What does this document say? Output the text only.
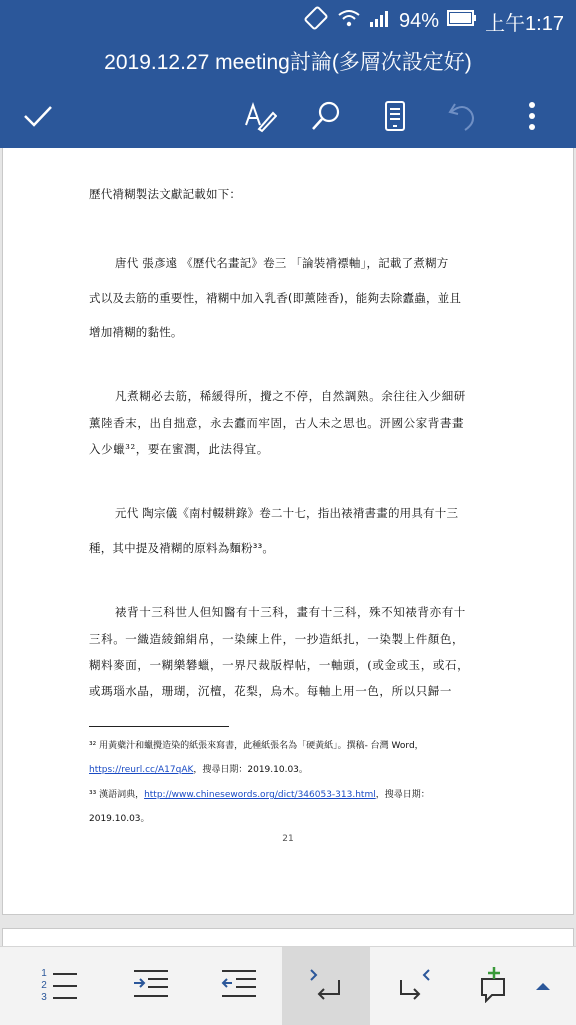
94% 上午1:17
2019.12.27 meeting討論(多層次設定好)
歷代褙糊製法文獻記載如下：
唐代 張彥遠 《歷代名畫記》卷三 「論裝褙褾軸」，記載了煮糊方
式以及去筋的重要性，褙糊中加入乳香(即薰陸香)，能夠去除蠹蟲，並且
增加褙糊的黏性。
凡煮糊必去筋，稀緩得所，攪之不停，自然調熟。余往往入少細研
薰陸香末，出自拙意，永去蠹而牢固，古人未之思也。汧國公家背書畫
入少蠟³²，要在蜜潤，此法得宜。
元代 陶宗儀《南村輟耕錄》卷二十七，指出裱褙書畫的用具有十三
種，其中提及褙糊的原料為麵粉³³。
裱背十三科世人但知醫有十三科，畫有十三科，殊不知裱背亦有十
三科。一織造綾錦絹帛，一染練上件，一抄造紙扎，一染製上件顏色，
糊料麥面，一糊樂礬蠟，一界尺裁版桿帖，一軸頭，(或金或玉，或石，
或瑪瑙水晶，珊瑚，沉檀，花梨，烏木。每軸上用一色，所以只歸一
³² 用黃蘗汁和蠟攪造染的紙張來寫書，此種紙張名為「硬黃紙」。撰稿- 台灣 Word，
https://reurl.cc/A17qAK，搜尋日期：2019.10.03。
³³ 漢語詞典，http://www.chinesewords.org/dict/346053-313.html，搜尋日期：
2019.10.03。
21
1
2
3
